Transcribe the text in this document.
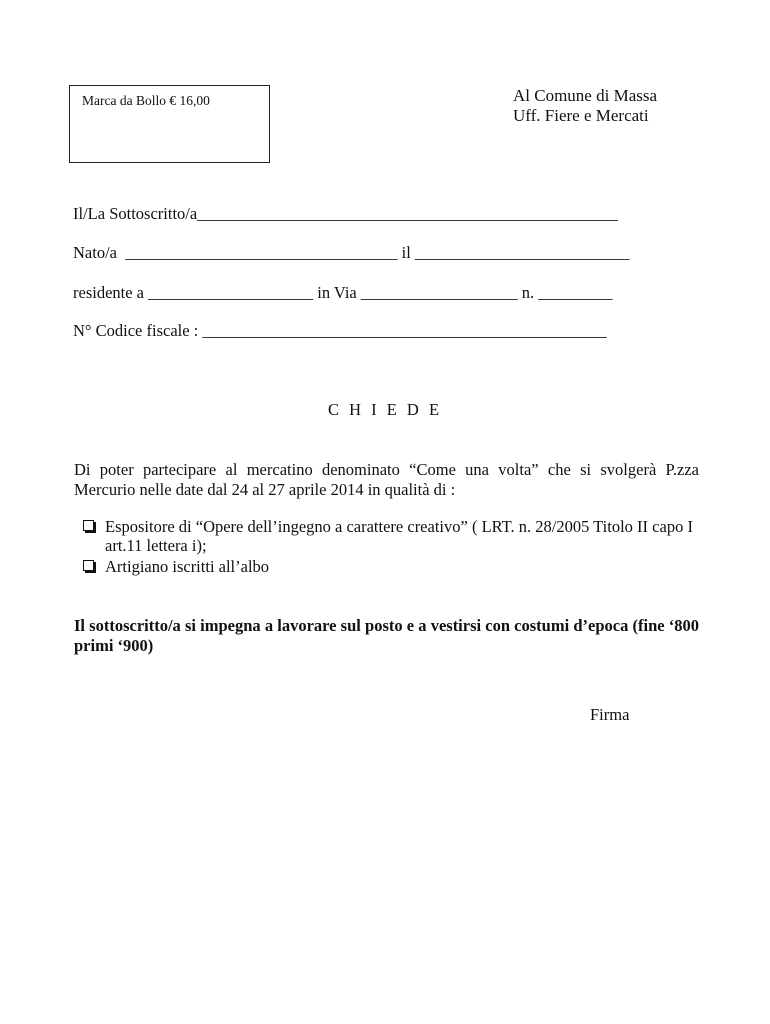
Marca da Bollo € 16,00	Al Comune di Massa
Uff. Fiere e Mercati
Il/La Sottoscritto/a___________________________________________________
Nato/a  _________________________________ il __________________________
residente a ____________________ in Via ___________________ n. _________
N° Codice fiscale : _________________________________________________
C H I E D E
Di poter partecipare al mercatino denominato “Come una volta” che si svolgerà P.zza Mercurio nelle date dal 24 al 27 aprile 2014 in qualità di :
Espositore di “Opere dell’ingegno a carattere creativo” ( LRT. n. 28/2005 Titolo II capo I art.11 lettera i);
Artigiano iscritti all’albo
Il sottoscritto/a si impegna a lavorare sul posto e a vestirsi con costumi d’epoca (fine ‘800 primi ‘900)
Firma
